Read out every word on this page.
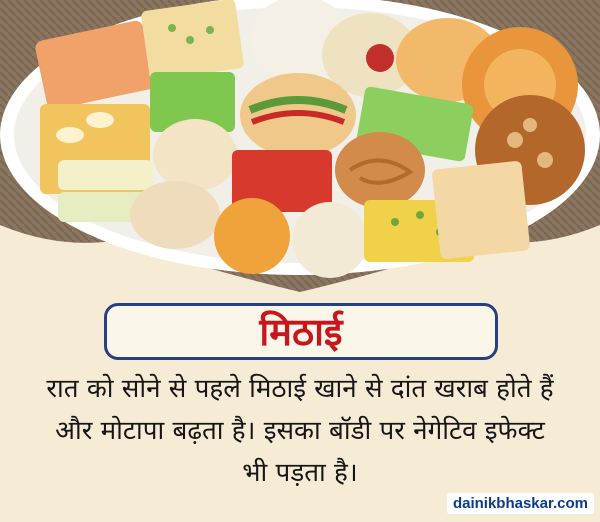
मिठाई
रात को सोने से पहले मिठाई खाने से दांत खराब होते हैं
और मोटापा बढ़ता है। इसका बॉडी पर नेगेटिव इफेक्ट
भी पड़ता है।
dainikbhaskar.com
